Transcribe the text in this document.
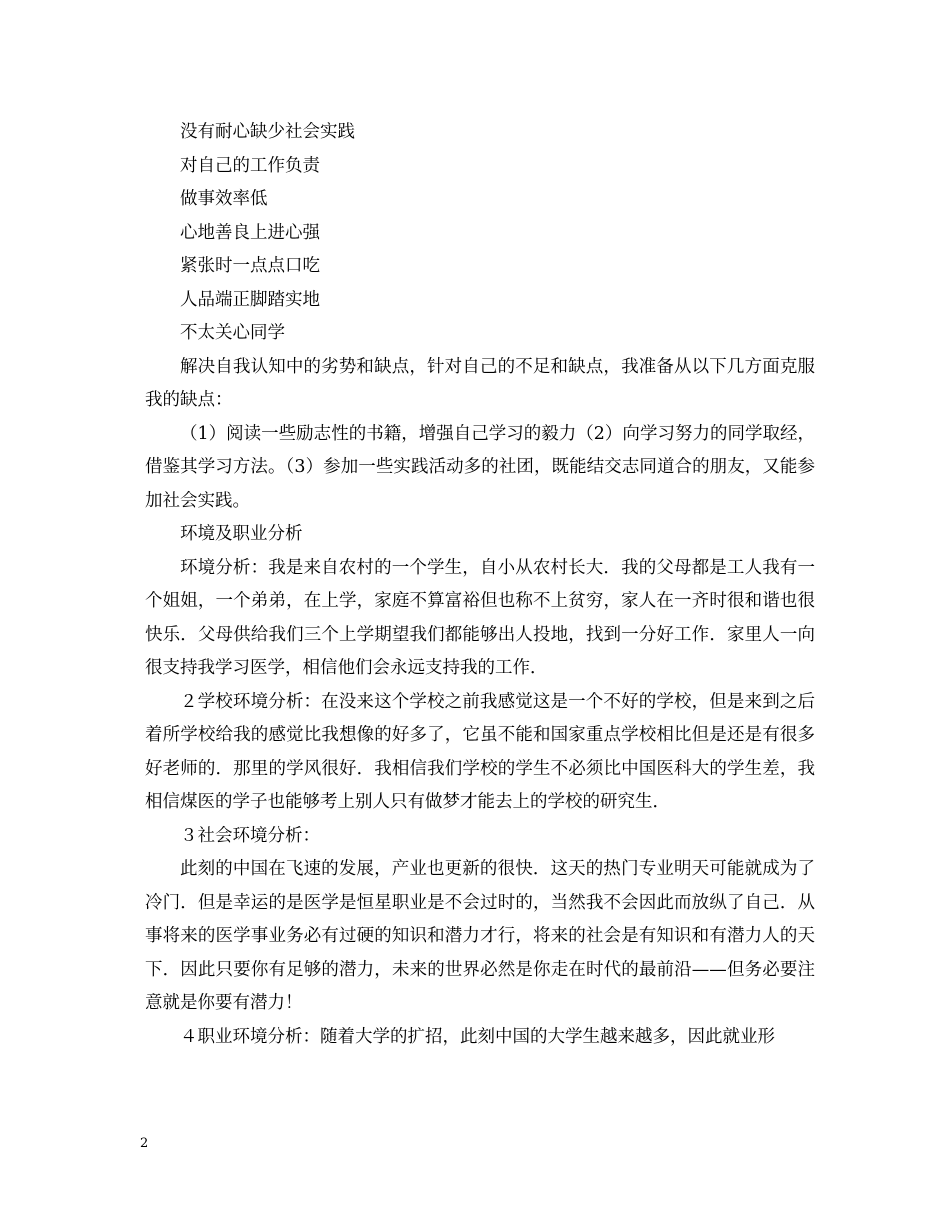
没有耐心缺少社会实践

对自己的工作负责

做事效率低

心地善良上进心强

紧张时一点点口吃

人品端正脚踏实地

不太关心同学

解决自我认知中的劣势和缺点，针对自己的不足和缺点，我准备从以下几方面克服我的缺点：

（1）阅读一些励志性的书籍，增强自己学习的毅力（2）向学习努力的同学取经，借鉴其学习方法。（3）参加一些实践活动多的社团，既能结交志同道合的朋友，又能参加社会实践。

环境及职业分析

环境分析：我是来自农村的一个学生，自小从农村长大．我的父母都是工人我有一个姐姐，一个弟弟，在上学，家庭不算富裕但也称不上贫穷，家人在一齐时很和谐也很快乐．父母供给我们三个上学期望我们都能够出人投地，找到一分好工作．家里人一向很支持我学习医学，相信他们会永远支持我的工作．

２学校环境分析：在没来这个学校之前我感觉这是一个不好的学校，但是来到之后着所学校给我的感觉比我想像的好多了，它虽不能和国家重点学校相比但是还是有很多好老师的．那里的学风很好．我相信我们学校的学生不必须比中国医科大的学生差，我相信煤医的学子也能够考上别人只有做梦才能去上的学校的研究生．

３社会环境分析：

此刻的中国在飞速的发展，产业也更新的很快．这天的热门专业明天可能就成为了冷门．但是幸运的是医学是恒星职业是不会过时的，当然我不会因此而放纵了自己．从事将来的医学事业务必有过硬的知识和潜力才行，将来的社会是有知识和有潜力人的天下．因此只要你有足够的潜力，未来的世界必然是你走在时代的最前沿——但务必要注意就是你要有潜力！

４职业环境分析：随着大学的扩招，此刻中国的大学生越来越多，因此就业形

2
